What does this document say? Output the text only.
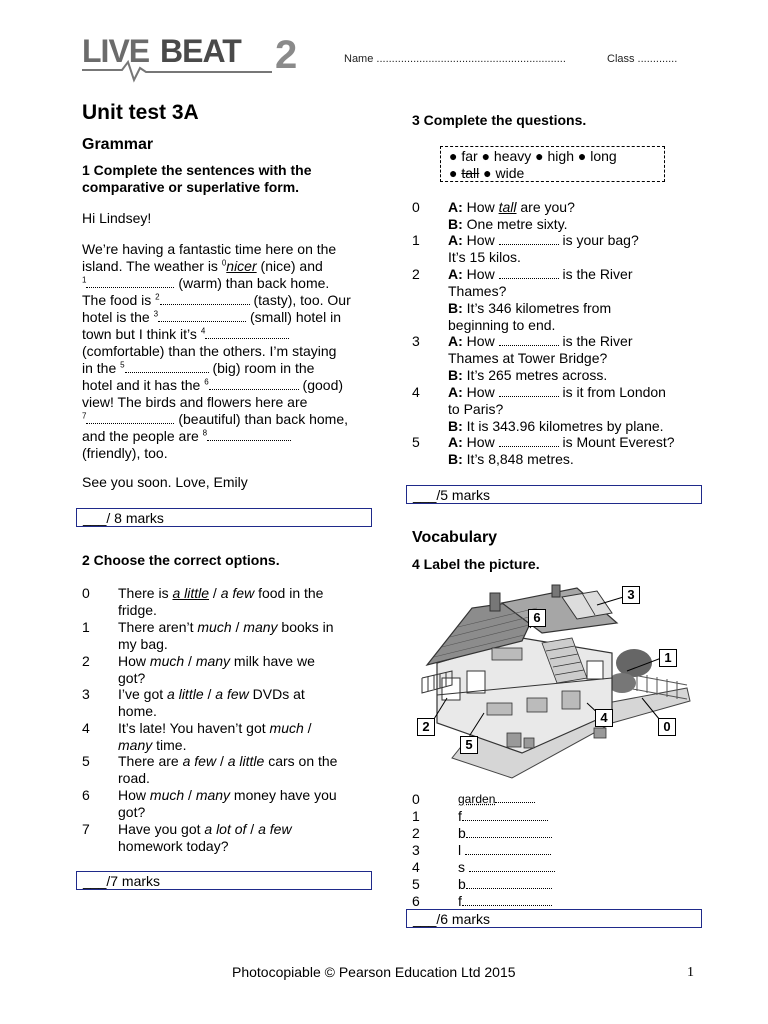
LIVE BEAT 2	Name ..............................................................	Class .............
Unit test 3A
Grammar
1 Complete the sentences with the comparative or superlative form.
Hi Lindsey!
We’re having a fantastic time here on the
island. The weather is $^0$nicer (nice) and
$^1$	(warm) than back home.
The food is $^2$	(tasty), too. Our
hotel is the $^3$	(small) hotel in
town but I think it’s $^4$
(comfortable) than the others. I’m staying
in the $^5$	(big) room in the
hotel and it has the $^6$	(good)
view! The birds and flowers here are
$^7$	(beautiful) than back home,
and the people are $^8$
(friendly), too.
See you soon. Love, Emily
___/ 8 marks
2 Choose the correct options.
0 There is a little / a few food in the
fridge.
1 There aren’t much / many books in
my bag.
2 How much / many milk have we
got?
3 I’ve got a little / a few DVDs at
home.
4 It’s late! You haven’t got much /
many time.
5 There are a few / a little cars on the
road.
6 How much / many money have you
got?
7 Have you got a lot of / a few
homework today?
___/7 marks
3 Complete the questions.
● far ● heavy ● high ● long
● tall ● wide
0 A: How tall are you?
B: One metre sixty.
1 A: How	is your bag?
It’s 15 kilos.
2 A: How	is the River
Thames?
B: It’s 346 kilometres from
beginning to end.
3 A: How	is the River
Thames at Tower Bridge?
B: It’s 265 metres across.
4 A: How	is it from London
to Paris?
B: It is 343.96 kilometres by plane.
5 A: How	is Mount Everest?
B: It’s 8,848 metres.
___/5 marks
Vocabulary
4 Label the picture.
6
3
1
4
0
2
5
0	garden
1	f
2	b
3	l
4	s
5	b
6	f
___/6 marks
Photocopiable © Pearson Education Ltd 2015	1
